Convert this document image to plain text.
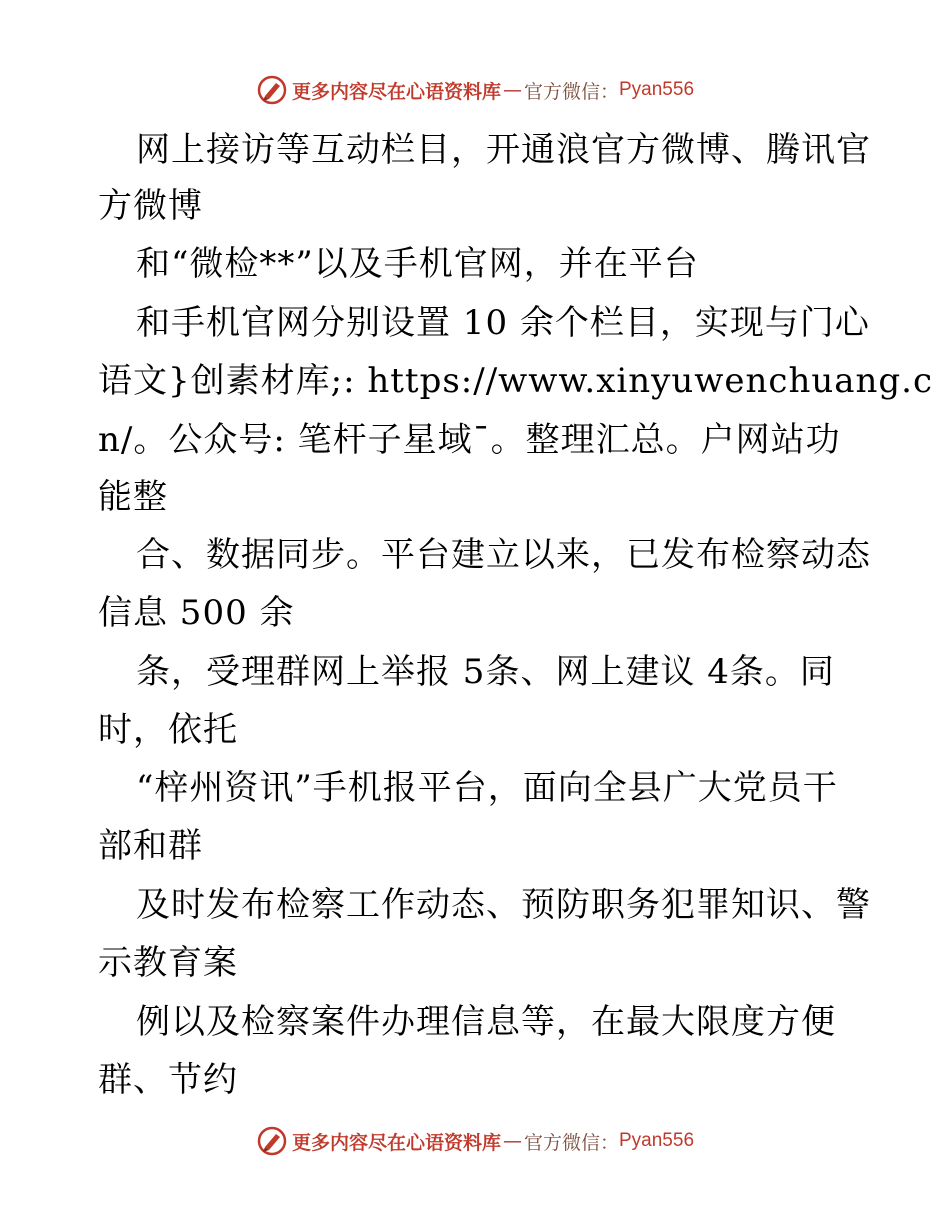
更多内容尽在心语资料库 — 官方微信： Pyan556
网上接访等互动栏目，开通浪官方微博、腾讯官
方微博
和“微检**”以及手机官网，并在平台
和手机官网分别设置 10 余个栏目，实现与门心
语文}创素材库;: https://www.xinyuwenchuang.c
n/。公众号: 笔杆子星域¯。整理汇总。户网站功
能整
合、数据同步。平台建立以来，已发布检察动态
信息 500 余
条，受理群网上举报 5条、网上建议 4条。同
时，依托
“梓州资讯”手机报平台，面向全县广大党员干
部和群
及时发布检察工作动态、预防职务犯罪知识、警
示教育案
例以及检察案件办理信息等，在最大限度方便
群、节约
更多内容尽在心语资料库 — 官方微信： Pyan556
